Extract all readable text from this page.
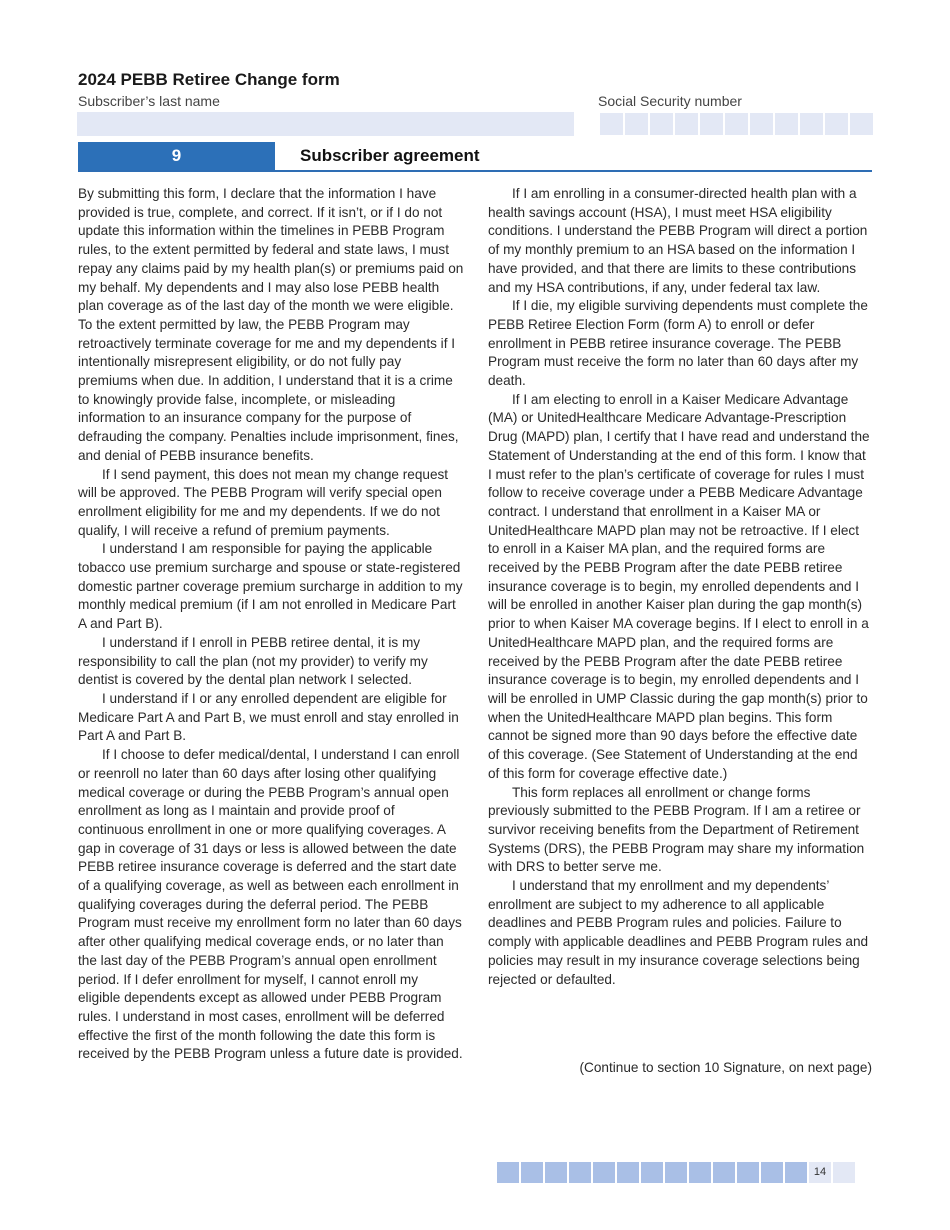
2024 PEBB Retiree Change form
Subscriber’s last name	Social Security number
9	Subscriber agreement

By submitting this form, I declare that the information I have provided is true, complete, and correct. If it isn’t, or if I do not update this information within the timelines in PEBB Program rules, to the extent permitted by federal and state laws, I must repay any claims paid by my health plan(s) or premiums paid on my behalf. My dependents and I may also lose PEBB health plan coverage as of the last day of the month we were eligible. To the extent permitted by law, the PEBB Program may retroactively terminate coverage for me and my dependents if I intentionally misrepresent eligibility, or do not fully pay premiums when due. In addition, I understand that it is a crime to knowingly provide false, incomplete, or misleading information to an insurance company for the purpose of defrauding the company. Penalties include imprisonment, fines, and denial of PEBB insurance benefits.

If I send payment, this does not mean my change request will be approved. The PEBB Program will verify special open enrollment eligibility for me and my dependents. If we do not qualify, I will receive a refund of premium payments.

I understand I am responsible for paying the applicable tobacco use premium surcharge and spouse or state-registered domestic partner coverage premium surcharge in addition to my monthly medical premium (if I am not enrolled in Medicare Part A and Part B).

I understand if I enroll in PEBB retiree dental, it is my responsibility to call the plan (not my provider) to verify my dentist is covered by the dental plan network I selected.

I understand if I or any enrolled dependent are eligible for Medicare Part A and Part B, we must enroll and stay enrolled in Part A and Part B.

If I choose to defer medical/dental, I understand I can enroll or reenroll no later than 60 days after losing other qualifying medical coverage or during the PEBB Program’s annual open enrollment as long as I maintain and provide proof of continuous enrollment in one or more qualifying coverages. A gap in coverage of 31 days or less is allowed between the date PEBB retiree insurance coverage is deferred and the start date of a qualifying coverage, as well as between each enrollment in qualifying coverages during the deferral period. The PEBB Program must receive my enrollment form no later than 60 days after other qualifying medical coverage ends, or no later than the last day of the PEBB Program’s annual open enrollment period. If I defer enrollment for myself, I cannot enroll my eligible dependents except as allowed under PEBB Program rules. I understand in most cases, enrollment will be deferred effective the first of the month following the date this form is received by the PEBB Program unless a future date is provided.

If I am enrolling in a consumer-directed health plan with a health savings account (HSA), I must meet HSA eligibility conditions. I understand the PEBB Program will direct a portion of my monthly premium to an HSA based on the information I have provided, and that there are limits to these contributions and my HSA contributions, if any, under federal tax law.

If I die, my eligible surviving dependents must complete the PEBB Retiree Election Form (form A) to enroll or defer enrollment in PEBB retiree insurance coverage. The PEBB Program must receive the form no later than 60 days after my death.

If I am electing to enroll in a Kaiser Medicare Advantage (MA) or UnitedHealthcare Medicare Advantage-Prescription Drug (MAPD) plan, I certify that I have read and understand the Statement of Understanding at the end of this form. I know that I must refer to the plan’s certificate of coverage for rules I must follow to receive coverage under a PEBB Medicare Advantage contract. I understand that enrollment in a Kaiser MA or UnitedHealthcare MAPD plan may not be retroactive. If I elect to enroll in a Kaiser MA plan, and the required forms are received by the PEBB Program after the date PEBB retiree insurance coverage is to begin, my enrolled dependents and I will be enrolled in another Kaiser plan during the gap month(s) prior to when Kaiser MA coverage begins. If I elect to enroll in a UnitedHealthcare MAPD plan, and the required forms are received by the PEBB Program after the date PEBB retiree insurance coverage is to begin, my enrolled dependents and I will be enrolled in UMP Classic during the gap month(s) prior to when the UnitedHealthcare MAPD plan begins. This form cannot be signed more than 90 days before the effective date of this coverage. (See Statement of Understanding at the end of this form for coverage effective date.)

This form replaces all enrollment or change forms previously submitted to the PEBB Program. If I am a retiree or survivor receiving benefits from the Department of Retirement Systems (DRS), the PEBB Program may share my information with DRS to better serve me.

I understand that my enrollment and my dependents’ enrollment are subject to my adherence to all applicable deadlines and PEBB Program rules and policies. Failure to comply with applicable deadlines and PEBB Program rules and policies may result in my insurance coverage selections being rejected or defaulted.

(Continue to section 10 Signature, on next page)
14
